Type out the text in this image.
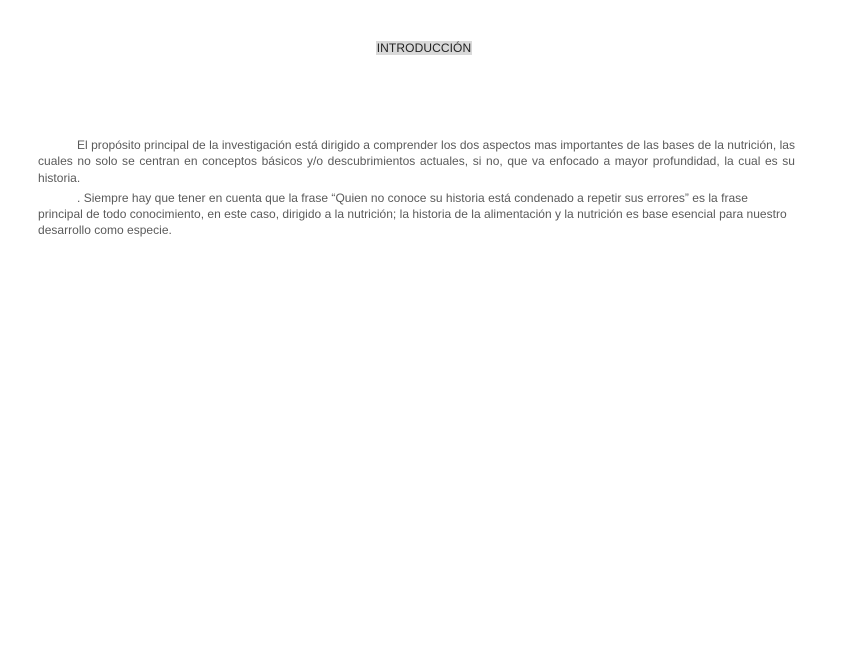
INTRODUCCIÓN

El propósito principal de la investigación está dirigido a comprender los dos aspectos mas importantes de las bases de la nutrición, las cuales no solo se centran en conceptos básicos y/o descubrimientos actuales, si no, que va enfocado a mayor profundidad, la cual es su historia.

. Siempre hay que tener en cuenta que la frase “Quien no conoce su historia está condenado a repetir sus errores” es la frase principal de todo conocimiento, en este caso, dirigido a la nutrición; la historia de la alimentación y la nutrición es base esencial para nuestro desarrollo como especie.
